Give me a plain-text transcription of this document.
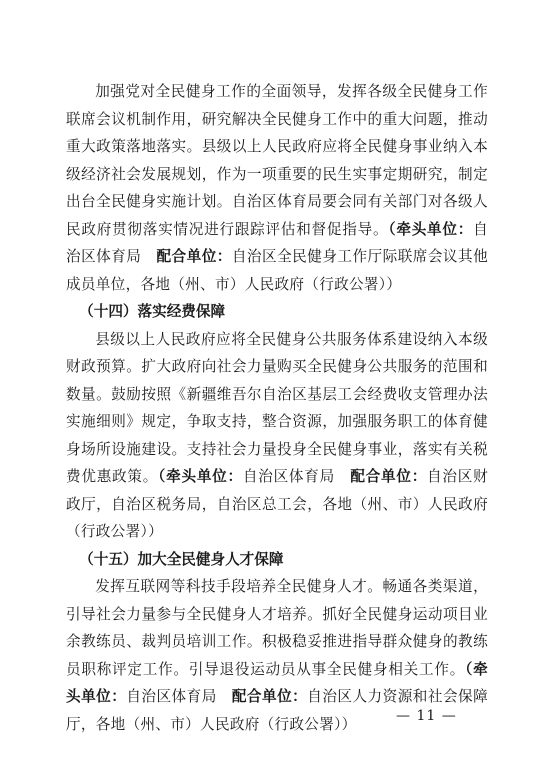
加强党对全民健身工作的全面领导，发挥各级全民健身工作联席会议机制作用，研究解决全民健身工作中的重大问题，推动重大政策落地落实。县级以上人民政府应将全民健身事业纳入本级经济社会发展规划，作为一项重要的民生实事定期研究，制定出台全民健身实施计划。自治区体育局要会同有关部门对各级人民政府贯彻落实情况进行跟踪评估和督促指导。（牵头单位：自治区体育局　配合单位：自治区全民健身工作厅际联席会议其他成员单位，各地（州、市）人民政府（行政公署））

（十四）落实经费保障

县级以上人民政府应将全民健身公共服务体系建设纳入本级财政预算。扩大政府向社会力量购买全民健身公共服务的范围和数量。鼓励按照《新疆维吾尔自治区基层工会经费收支管理办法实施细则》规定，争取支持，整合资源，加强服务职工的体育健身场所设施建设。支持社会力量投身全民健身事业，落实有关税费优惠政策。（牵头单位：自治区体育局　配合单位：自治区财政厅，自治区税务局，自治区总工会，各地（州、市）人民政府（行政公署））

（十五）加大全民健身人才保障

发挥互联网等科技手段培养全民健身人才。畅通各类渠道，引导社会力量参与全民健身人才培养。抓好全民健身运动项目业余教练员、裁判员培训工作。积极稳妥推进指导群众健身的教练员职称评定工作。引导退役运动员从事全民健身相关工作。（牵头单位：自治区体育局　配合单位：自治区人力资源和社会保障厅，各地（州、市）人民政府（行政公署））	— 11 —
